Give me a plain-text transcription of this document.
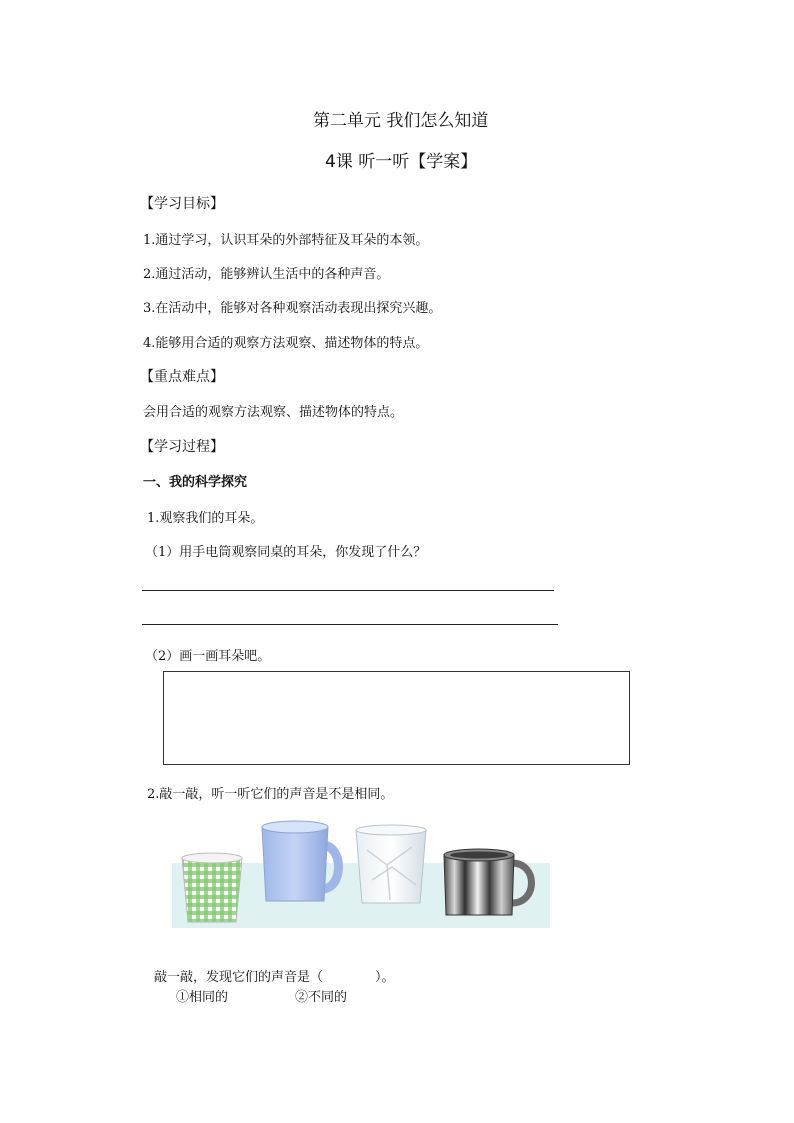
第二单元 我们怎么知道
4课 听一听【学案】
【学习目标】
1.通过学习，认识耳朵的外部特征及耳朵的本领。
2.通过活动，能够辨认生活中的各种声音。
3.在活动中，能够对各种观察活动表现出探究兴趣。
4.能够用合适的观察方法观察、描述物体的特点。
【重点难点】
会用合适的观察方法观察、描述物体的特点。
【学习过程】
一、我的科学探究
1.观察我们的耳朵。
（1）用手电筒观察同桌的耳朵，你发现了什么？
（2）画一画耳朵吧。
2.敲一敲，听一听它们的声音是不是相同。
敲一敲，发现它们的声音是（　　　　）。
①相同的	②不同的
